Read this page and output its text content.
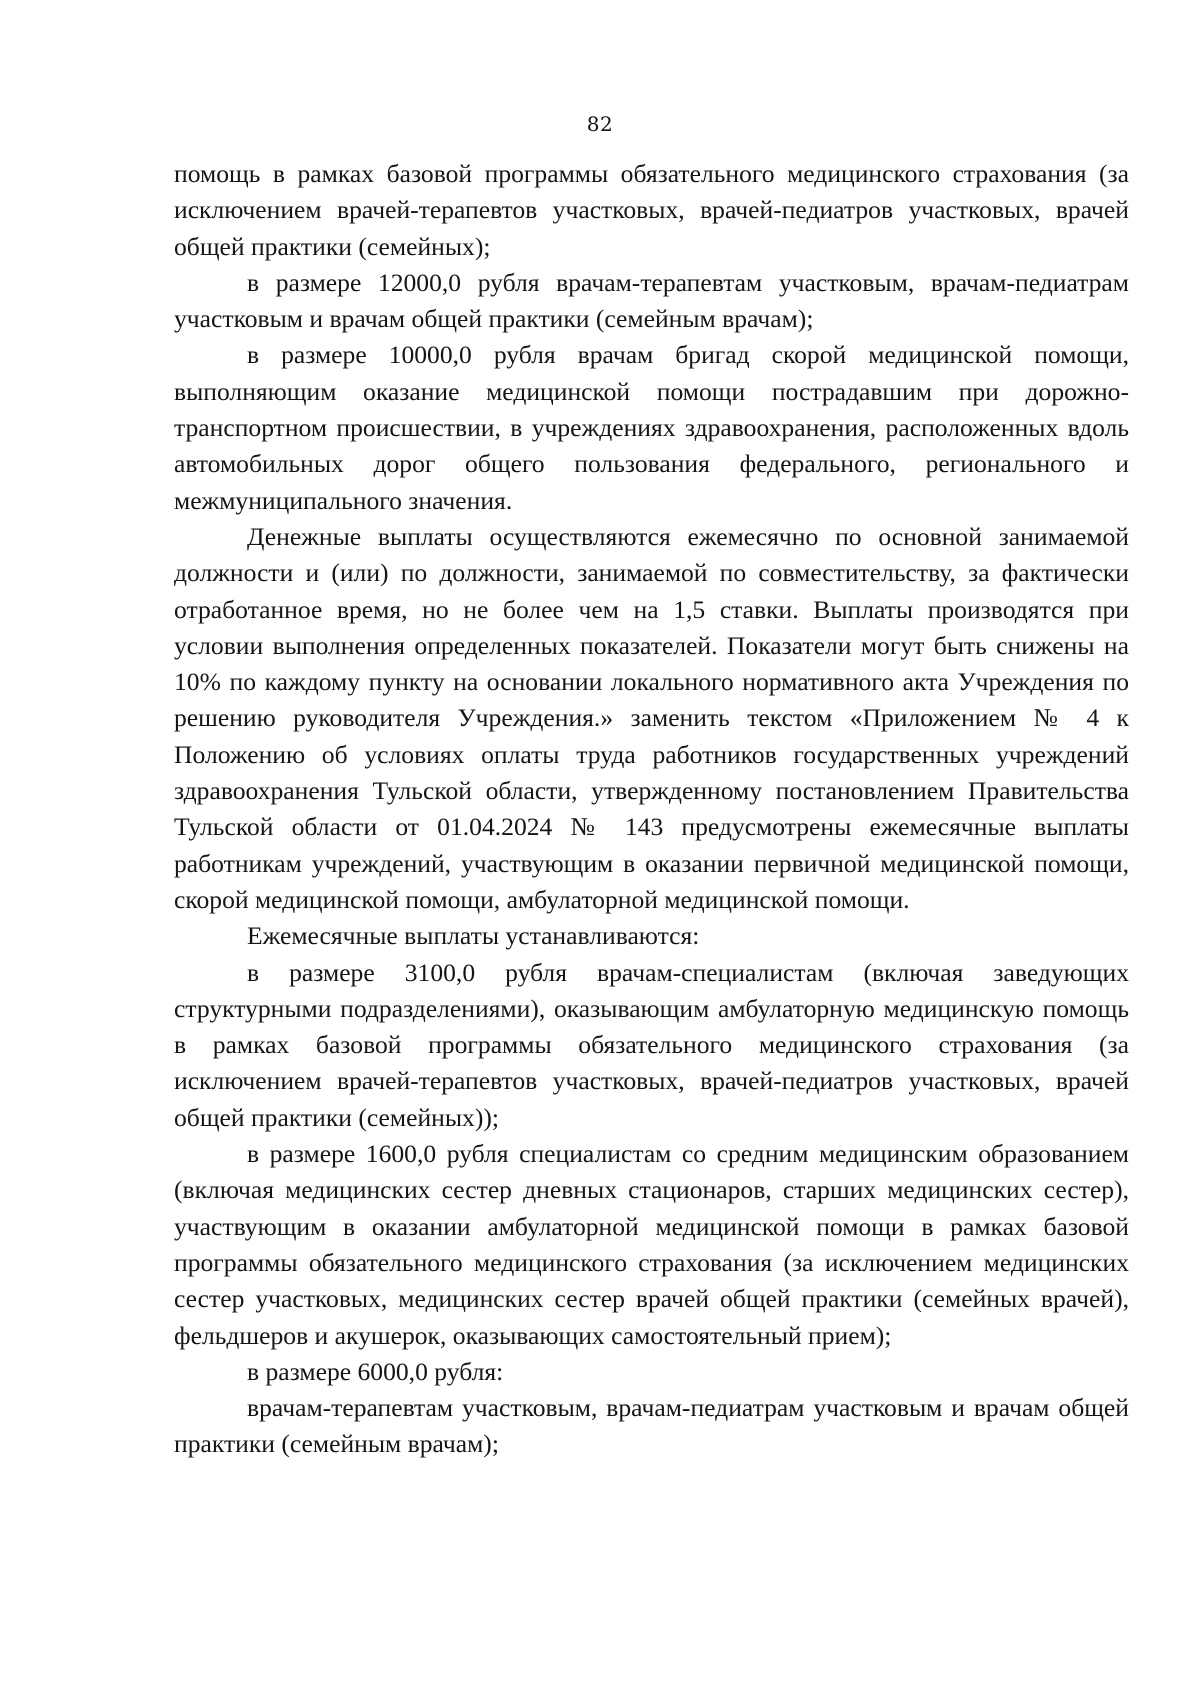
82

помощь в рамках базовой программы обязательного медицинского страхования (за исключением врачей-терапевтов участковых, врачей-педиатров участковых, врачей общей практики (семейных);

в размере 12000,0 рубля врачам-терапевтам участковым, врачам-педиатрам участковым и врачам общей практики (семейным врачам);

в размере 10000,0 рубля врачам бригад скорой медицинской помощи, выполняющим оказание медицинской помощи пострадавшим при дорожно-транспортном происшествии, в учреждениях здравоохранения, расположенных вдоль автомобильных дорог общего пользования федерального, регионального и межмуниципального значения.

Денежные выплаты осуществляются ежемесячно по основной занимаемой должности и (или) по должности, занимаемой по совместительству, за фактически отработанное время, но не более чем на 1,5 ставки. Выплаты производятся при условии выполнения определенных показателей. Показатели могут быть снижены на 10% по каждому пункту на основании локального нормативного акта Учреждения по решению руководителя Учреждения.» заменить текстом «Приложением № 4 к Положению об условиях оплаты труда работников государственных учреждений здравоохранения Тульской области, утвержденному постановлением Правительства Тульской области от 01.04.2024 № 143 предусмотрены ежемесячные выплаты работникам учреждений, участвующим в оказании первичной медицинской помощи, скорой медицинской помощи, амбулаторной медицинской помощи.

Ежемесячные выплаты устанавливаются:

в размере 3100,0 рубля врачам-специалистам (включая заведующих структурными подразделениями), оказывающим амбулаторную медицинскую помощь в рамках базовой программы обязательного медицинского страхования (за исключением врачей-терапевтов участковых, врачей-педиатров участковых, врачей общей практики (семейных));

в размере 1600,0 рубля специалистам со средним медицинским образованием (включая медицинских сестер дневных стационаров, старших медицинских сестер), участвующим в оказании амбулаторной медицинской помощи в рамках базовой программы обязательного медицинского страхования (за исключением медицинских сестер участковых, медицинских сестер врачей общей практики (семейных врачей), фельдшеров и акушерок, оказывающих самостоятельный прием);

в размере 6000,0 рубля:

врачам-терапевтам участковым, врачам-педиатрам участковым и врачам общей практики (семейным врачам);
